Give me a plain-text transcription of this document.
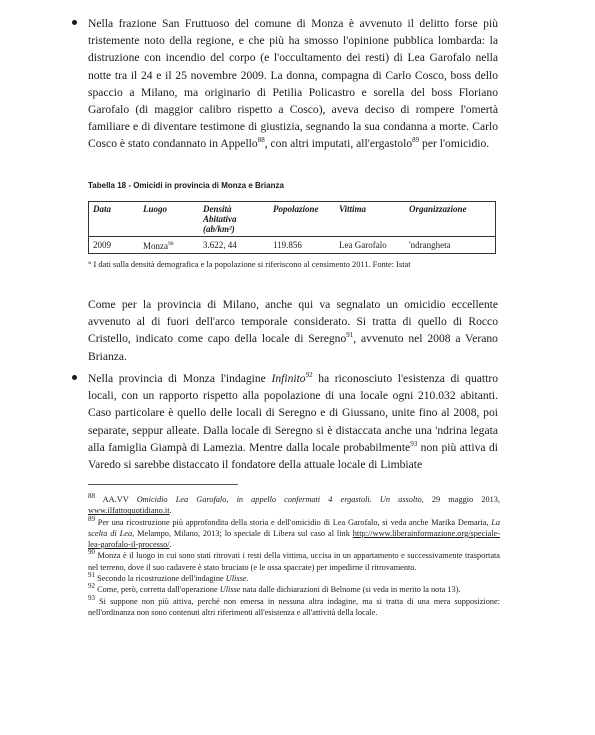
Nella frazione San Fruttuoso del comune di Monza è avvenuto il delitto forse più tristemente noto della regione, e che più ha smosso l'opinione pubblica lombarda: la distruzione con incendio del corpo (e l'occultamento dei resti) di Lea Garofalo nella notte tra il 24 e il 25 novembre 2009. La donna, compagna di Carlo Cosco, boss dello spaccio a Milano, ma originario di Petilia Policastro e sorella del boss Floriano Garofalo (di maggior calibro rispetto a Cosco), aveva deciso di rompere l'omertà familiare e di diventare testimone di giustizia, segnando la sua condanna a morte. Carlo Cosco è stato condannato in Appello$^{88}$, con altri imputati, all'ergastolo$^{89}$ per l'omicidio.

Tabella 18 - Omicidi in provincia di Monza e Brianza
Data	Luogo	Densità Abitativa (ab/km²)	Popolazione	Vittima	Organizzazione
2009	Monza$^{90}$	3.622, 44	119.856	Lea Garofalo	'ndrangheta
° I dati sulla densità demografica e la popolazione si riferiscono al censimento 2011. Fonte: Istat

Come per la provincia di Milano, anche qui va segnalato un omicidio eccellente avvenuto al di fuori dell'arco temporale considerato. Si tratta di quello di Rocco Cristello, indicato come capo della locale di Seregno$^{91}$, avvenuto nel 2008 a Verano Brianza.

Nella provincia di Monza l'indagine Infinito$^{92}$ ha riconosciuto l'esistenza di quattro locali, con un rapporto rispetto alla popolazione di una locale ogni 210.032 abitanti. Caso particolare è quello delle locali di Seregno e di Giussano, unite fino al 2008, poi separate, seppur alleate. Dalla locale di Seregno si è distaccata anche una 'ndrina legata alla famiglia Giampà di Lamezia. Mentre dalla locale probabilmente$^{93}$ non più attiva di Varedo si sarebbe distaccato il fondatore della attuale locale di Limbiate

$^{88}$ AA.VV Omicidio Lea Garofalo, in appello confermati 4 ergastoli. Un assolto, 29 maggio 2013, www.ilfattoquotidiano.it.

$^{89}$ Per una ricostruzione più approfondita della storia e dell'omicidio di Lea Garofalo, si veda anche Marika Demaria, La scelta di Lea, Melampo, Milano, 2013; lo speciale di Libera sul caso al link http://www.liberainformazione.org/speciale-lea-garofalo-il-processo/.

$^{90}$ Monza è il luogo in cui sono stati ritrovati i resti della vittima, uccisa in un appartamento e successivamente trasportata nel terreno, dove il suo cadavere è stato bruciato (e le ossa spaccate) per impedirne il ritrovamento.

$^{91}$ Secondo la ricostruzione dell'indagine Ulisse.

$^{92}$ Come, però, corretta dall'operazione Ulisse nata dalle dichiarazioni di Belnome (si veda in merito la nota 13).

$^{93}$ Si suppone non più attiva, perché non emersa in nessuna altra indagine, ma si tratta di una mera supposizione: nell'ordinanza non sono contenuti altri riferimenti all'esistenza e all'attività della locale.
